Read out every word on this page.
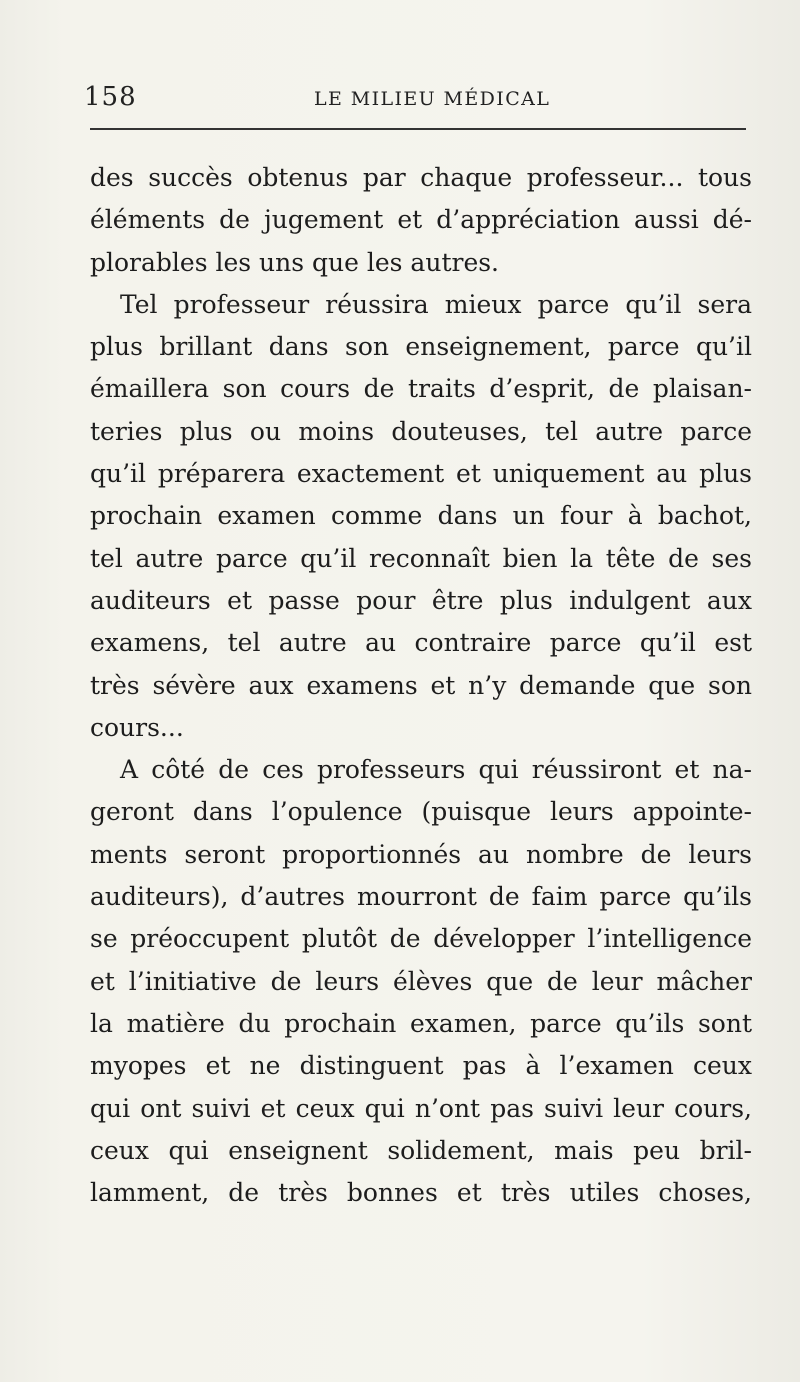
158	LE MILIEU MÉDICAL
des succès obtenus par chaque professeur... tous
éléments de jugement et d’appréciation aussi dé-
plorables les uns que les autres.
Tel professeur réussira mieux parce qu’il sera
plus brillant dans son enseignement, parce qu’il
émaillera son cours de traits d’esprit, de plaisan-
teries plus ou moins douteuses, tel autre parce
qu’il préparera exactement et uniquement au plus
prochain examen comme dans un four à bachot,
tel autre parce qu’il reconnaît bien la tête de ses
auditeurs et passe pour être plus indulgent aux
examens, tel autre au contraire parce qu’il est
très sévère aux examens et n’y demande que son
cours...
A côté de ces professeurs qui réussiront et na-
geront dans l’opulence (puisque leurs appointe-
ments seront proportionnés au nombre de leurs
auditeurs), d’autres mourront de faim parce qu’ils
se préoccupent plutôt de développer l’intelligence
et l’initiative de leurs élèves que de leur mâcher
la matière du prochain examen, parce qu’ils sont
myopes et ne distinguent pas à l’examen ceux
qui ont suivi et ceux qui n’ont pas suivi leur cours,
ceux qui enseignent solidement, mais peu bril-
lamment, de très bonnes et très utiles choses,
